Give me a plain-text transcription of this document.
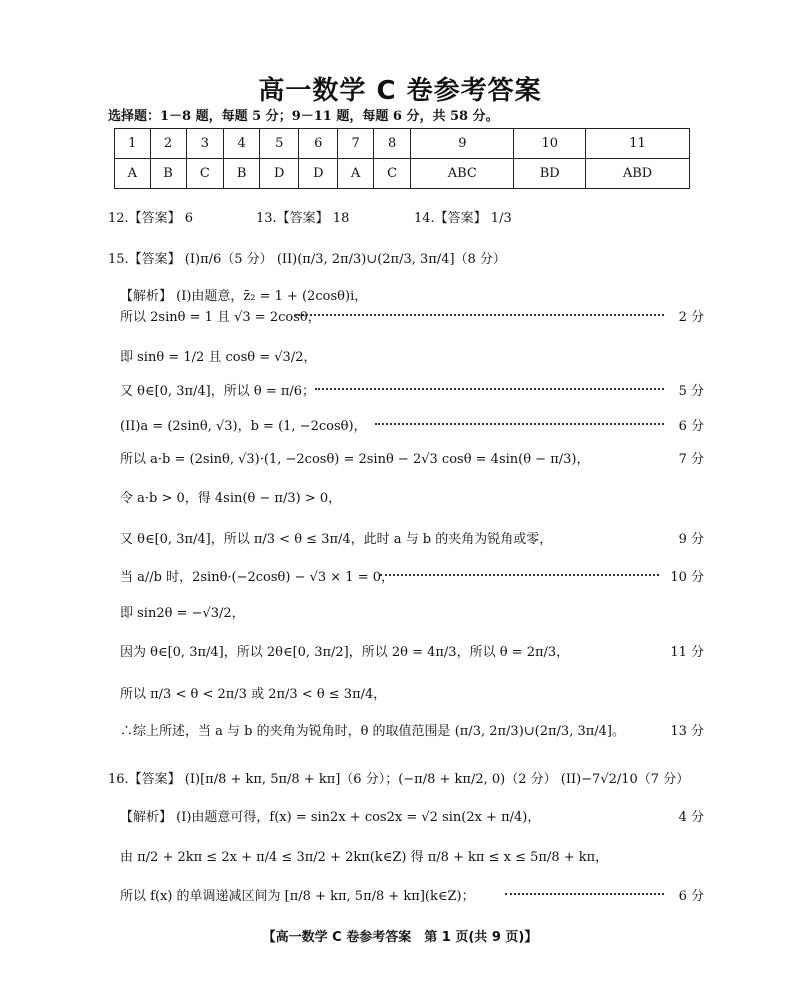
高一数学 C 卷参考答案
选择题：1－8 题，每题 5 分；9－11 题，每题 6 分，共 58 分。
1	2	3	4	5	6	7	8	9	10	11
A	B	C	B	D	D	A	C	ABC	BD	ABD
12.【答案】 6	13.【答案】 18	14.【答案】 1/3
15.【答案】 (I)π/6（5 分） (II)(π/3, 2π/3)∪(2π/3, 3π/4]（8 分）
【解析】 (I)由题意，z̄₂ = 1 + (2cosθ)i，
所以 2sinθ = 1 且 √3 = 2cosθ，	2 分
即 sinθ = 1/2 且 cosθ = √3/2，
又 θ∈[0, 3π/4]，所以 θ = π/6；	5 分
(II)a = (2sinθ, √3)，b = (1, −2cosθ)，	6 分
所以 a·b = (2sinθ, √3)·(1, −2cosθ) = 2sinθ − 2√3 cosθ = 4sin(θ − π/3)，	7 分
令 a·b > 0，得 4sin(θ − π/3) > 0，
又 θ∈[0, 3π/4]，所以 π/3 < θ ≤ 3π/4，此时 a 与 b 的夹角为锐角或零，	9 分
当 a//b 时，2sinθ·(−2cosθ) − √3 × 1 = 0，	10 分
即 sin2θ = −√3/2，
因为 θ∈[0, 3π/4]，所以 2θ∈[0, 3π/2]，所以 2θ = 4π/3，所以 θ = 2π/3，	11 分
所以 π/3 < θ < 2π/3 或 2π/3 < θ ≤ 3π/4，
∴综上所述，当 a 与 b 的夹角为锐角时，θ 的取值范围是 (π/3, 2π/3)∪(2π/3, 3π/4]。	13 分
16.【答案】 (I)[π/8 + kπ, 5π/8 + kπ]（6 分）；(−π/8 + kπ/2, 0)（2 分） (II)−7√2/10（7 分）
【解析】 (I)由题意可得，f(x) = sin2x + cos2x = √2 sin(2x + π/4)，	4 分
由 π/2 + 2kπ ≤ 2x + π/4 ≤ 3π/2 + 2kπ(k∈Z) 得 π/8 + kπ ≤ x ≤ 5π/8 + kπ，
所以 f(x) 的单调递减区间为 [π/8 + kπ, 5π/8 + kπ](k∈Z)；	6 分
【高一数学 C 卷参考答案　第 1 页(共 9 页)】
